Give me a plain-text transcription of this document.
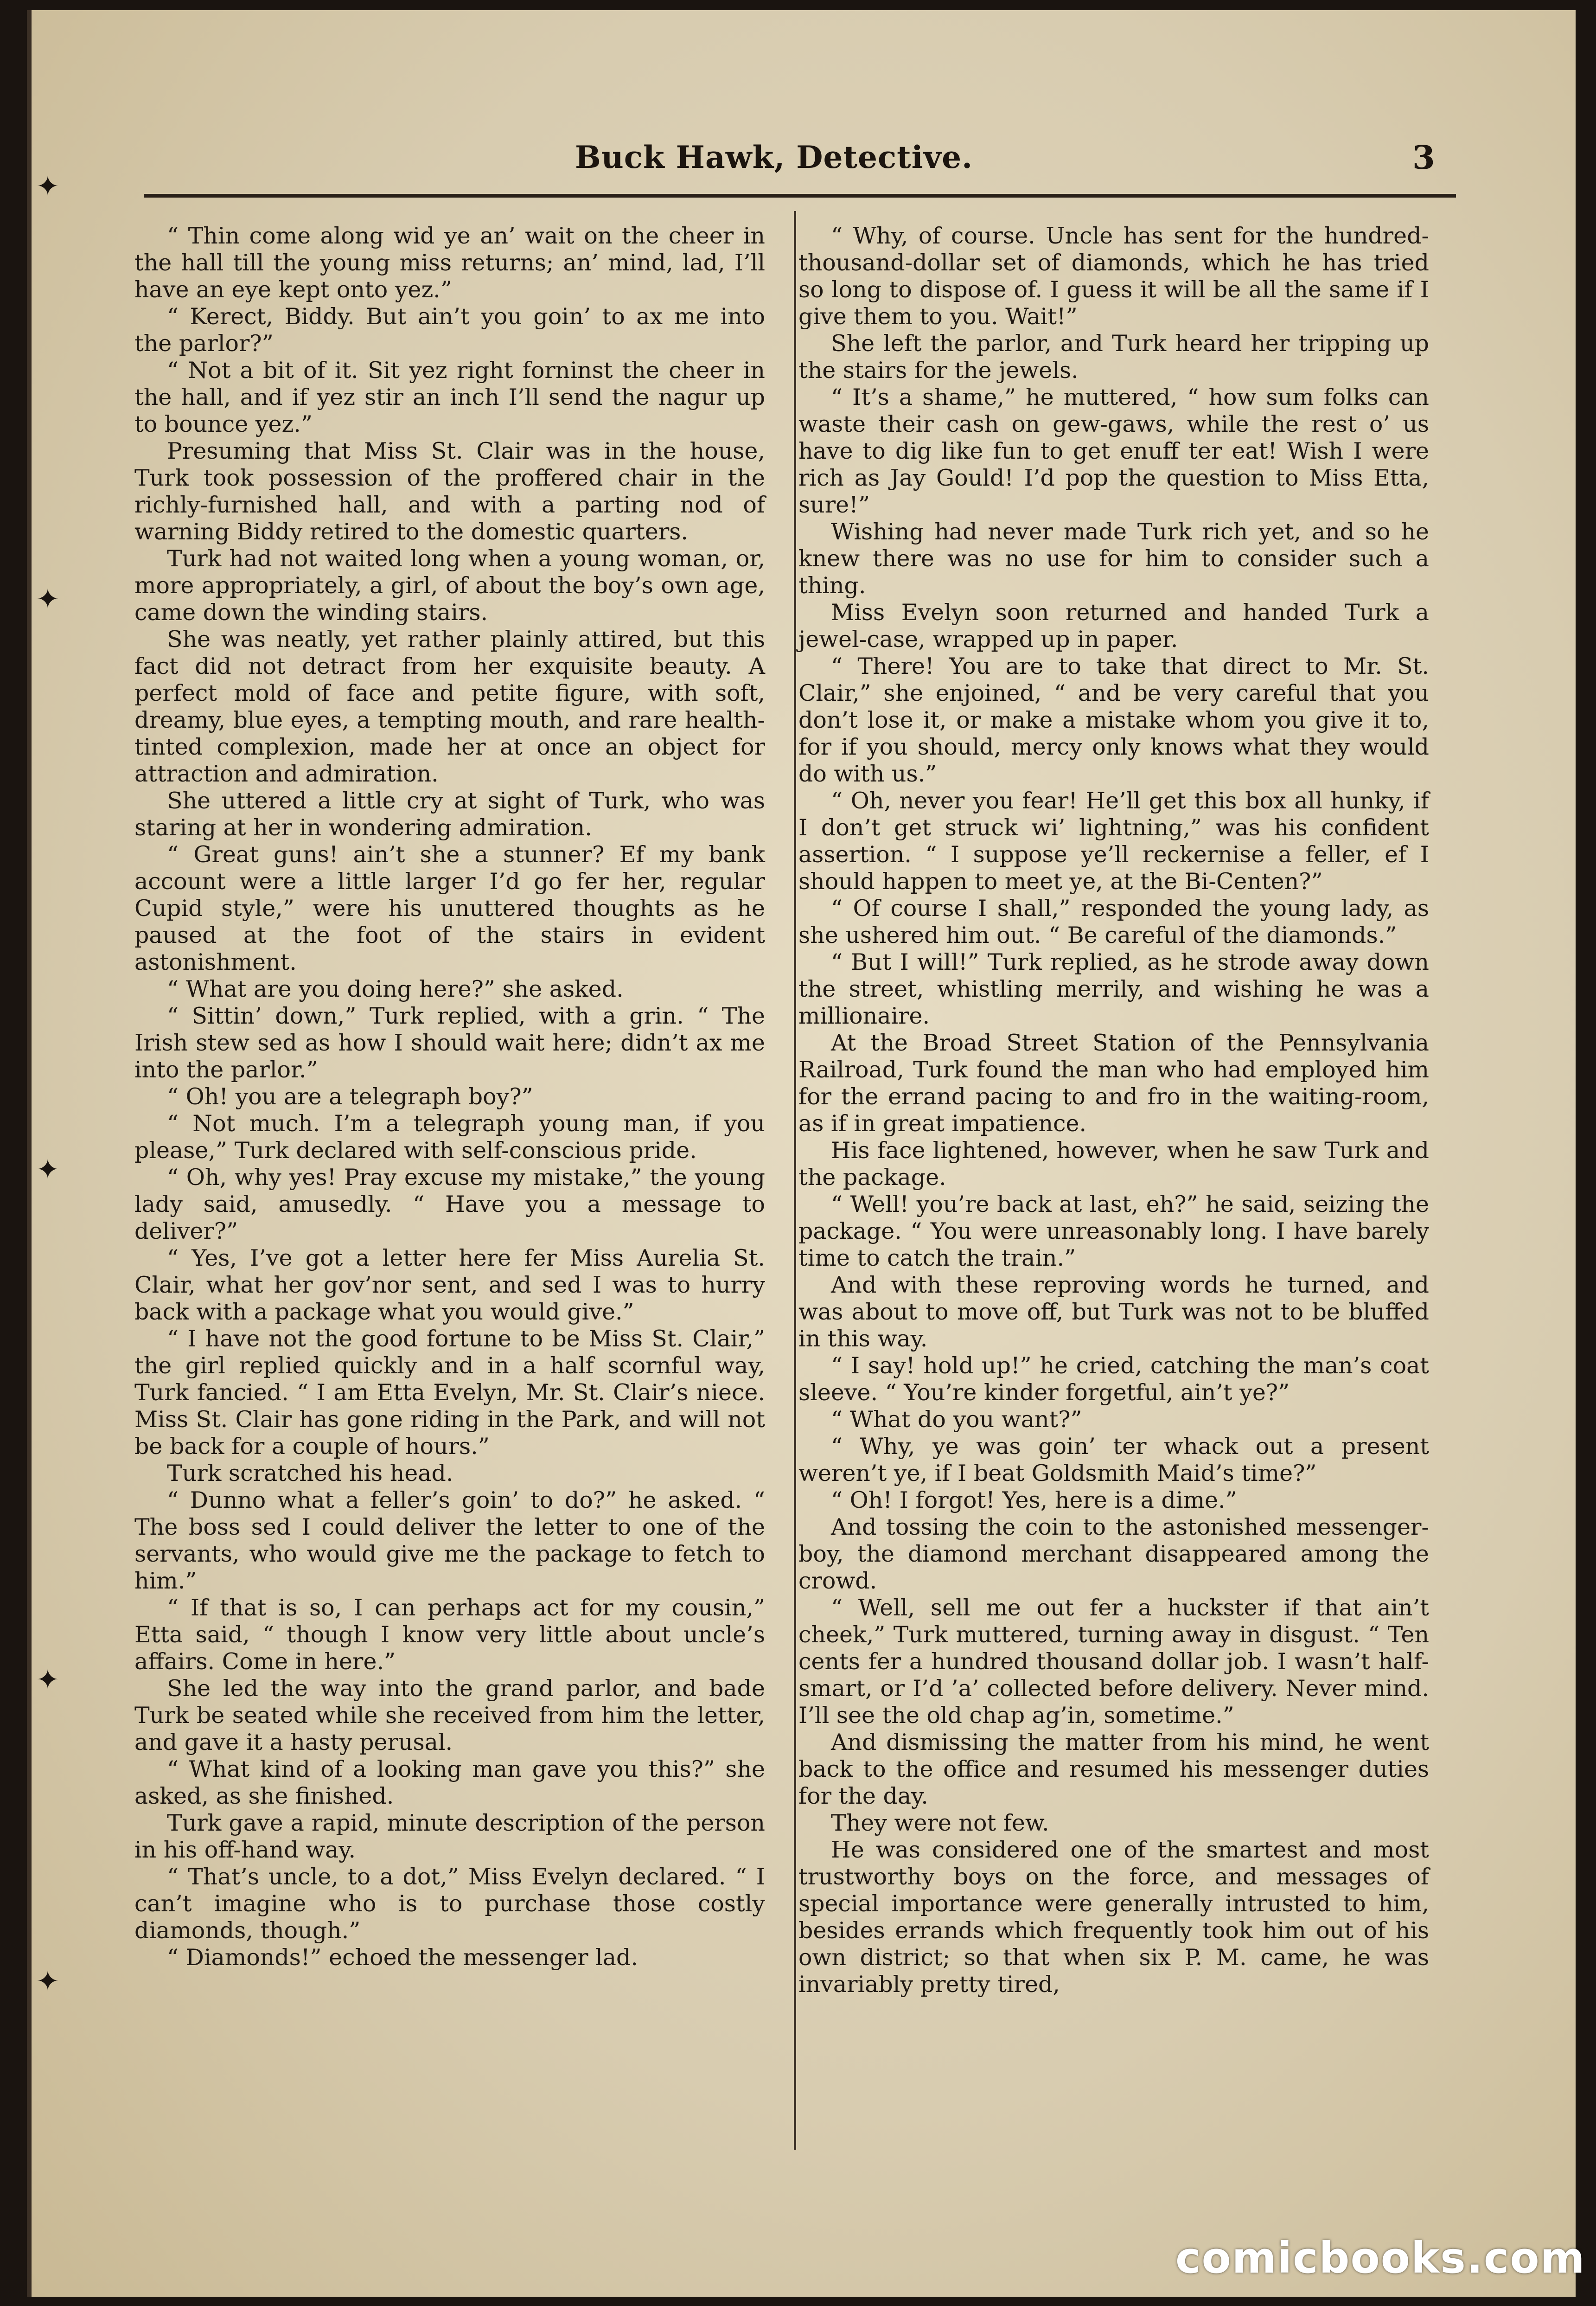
✦
✦
✦
✦
✦
Buck Hawk, Detective.	3

“ Thin come along wid ye an’ wait on the cheer in the hall till the young miss returns; an’ mind, lad, I’ll have an eye kept onto yez.”

“ Kerect, Biddy. But ain’t you goin’ to ax me into the parlor?”

“ Not a bit of it. Sit yez right forninst the cheer in the hall, and if yez stir an inch I’ll send the nagur up to bounce yez.”

Presuming that Miss St. Clair was in the house, Turk took possession of the proffered chair in the richly-furnished hall, and with a parting nod of warning Biddy retired to the domestic quarters.

Turk had not waited long when a young woman, or, more appropriately, a girl, of about the boy’s own age, came down the winding stairs.

She was neatly, yet rather plainly attired, but this fact did not detract from her exquisite beauty. A perfect mold of face and petite figure, with soft, dreamy, blue eyes, a tempting mouth, and rare health-tinted complexion, made her at once an object for attraction and admiration.

She uttered a little cry at sight of Turk, who was staring at her in wondering admiration.

“ Great guns! ain’t she a stunner? Ef my bank account were a little larger I’d go fer her, regular Cupid style,” were his unuttered thoughts as he paused at the foot of the stairs in evident astonishment.

“ What are you doing here?” she asked.

“ Sittin’ down,” Turk replied, with a grin. “ The Irish stew sed as how I should wait here; didn’t ax me into the parlor.”

“ Oh! you are a telegraph boy?”

“ Not much. I’m a telegraph young man, if you please,” Turk declared with self-conscious pride.

“ Oh, why yes! Pray excuse my mistake,” the young lady said, amusedly. “ Have you a message to deliver?”

“ Yes, I’ve got a letter here fer Miss Aurelia St. Clair, what her gov’nor sent, and sed I was to hurry back with a package what you would give.”

“ I have not the good fortune to be Miss St. Clair,” the girl replied quickly and in a half scornful way, Turk fancied. “ I am Etta Evelyn, Mr. St. Clair’s niece. Miss St. Clair has gone riding in the Park, and will not be back for a couple of hours.”

Turk scratched his head.

“ Dunno what a feller’s goin’ to do?” he asked. “ The boss sed I could deliver the letter to one of the servants, who would give me the package to fetch to him.”

“ If that is so, I can perhaps act for my cousin,” Etta said, “ though I know very little about uncle’s affairs. Come in here.”

She led the way into the grand parlor, and bade Turk be seated while she received from him the letter, and gave it a hasty perusal.

“ What kind of a looking man gave you this?” she asked, as she finished.

Turk gave a rapid, minute description of the person in his off-hand way.

“ That’s uncle, to a dot,” Miss Evelyn declared. “ I can’t imagine who is to purchase those costly diamonds, though.”

“ Diamonds!” echoed the messenger lad.

“ Why, of course. Uncle has sent for the hundred-thousand-dollar set of diamonds, which he has tried so long to dispose of. I guess it will be all the same if I give them to you. Wait!”

She left the parlor, and Turk heard her tripping up the stairs for the jewels.

“ It’s a shame,” he muttered, “ how sum folks can waste their cash on gew-gaws, while the rest o’ us have to dig like fun to get enuff ter eat! Wish I were rich as Jay Gould! I’d pop the question to Miss Etta, sure!”

Wishing had never made Turk rich yet, and so he knew there was no use for him to consider such a thing.

Miss Evelyn soon returned and handed Turk a jewel-case, wrapped up in paper.

“ There! You are to take that direct to Mr. St. Clair,” she enjoined, “ and be very careful that you don’t lose it, or make a mistake whom you give it to, for if you should, mercy only knows what they would do with us.”

“ Oh, never you fear! He’ll get this box all hunky, if I don’t get struck wi’ lightning,” was his confident assertion. “ I suppose ye’ll reckernise a feller, ef I should happen to meet ye, at the Bi-Centen?”

“ Of course I shall,” responded the young lady, as she ushered him out. “ Be careful of the diamonds.”

“ But I will!” Turk replied, as he strode away down the street, whistling merrily, and wishing he was a millionaire.

At the Broad Street Station of the Pennsylvania Railroad, Turk found the man who had employed him for the errand pacing to and fro in the waiting-room, as if in great impatience.

His face lightened, however, when he saw Turk and the package.

“ Well! you’re back at last, eh?” he said, seizing the package. “ You were unreasonably long. I have barely time to catch the train.”

And with these reproving words he turned, and was about to move off, but Turk was not to be bluffed in this way.

“ I say! hold up!” he cried, catching the man’s coat sleeve. “ You’re kinder forgetful, ain’t ye?”

“ What do you want?”

“ Why, ye was goin’ ter whack out a present weren’t ye, if I beat Goldsmith Maid’s time?”

“ Oh! I forgot! Yes, here is a dime.”

And tossing the coin to the astonished messenger-boy, the diamond merchant disappeared among the crowd.

“ Well, sell me out fer a huckster if that ain’t cheek,” Turk muttered, turning away in disgust. “ Ten cents fer a hundred thousand dollar job. I wasn’t half-smart, or I’d ’a’ collected before delivery. Never mind. I’ll see the old chap ag’in, sometime.”

And dismissing the matter from his mind, he went back to the office and resumed his messenger duties for the day.

They were not few.

He was considered one of the smartest and most trustworthy boys on the force, and messages of special importance were generally intrusted to him, besides errands which frequently took him out of his own district; so that when six P. M. came, he was invariably pretty tired,

comicbooks.com
